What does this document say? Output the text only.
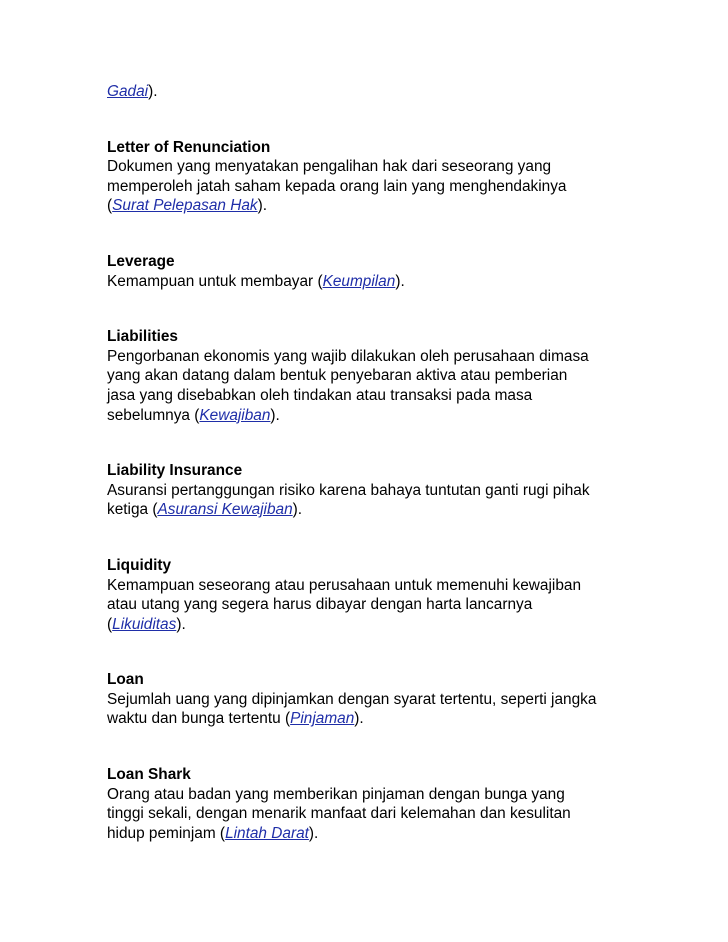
Gadai).
Letter of Renunciation
Dokumen yang menyatakan pengalihan hak dari seseorang yang
memperoleh jatah saham kepada orang lain yang menghendakinya
(Surat Pelepasan Hak).
Leverage
Kemampuan untuk membayar (Keumpilan).
Liabilities
Pengorbanan ekonomis yang wajib dilakukan oleh perusahaan dimasa
yang akan datang dalam bentuk penyebaran aktiva atau pemberian
jasa yang disebabkan oleh tindakan atau transaksi pada masa
sebelumnya (Kewajiban).
Liability Insurance
Asuransi pertanggungan risiko karena bahaya tuntutan ganti rugi pihak
ketiga (Asuransi Kewajiban).
Liquidity
Kemampuan seseorang atau perusahaan untuk memenuhi kewajiban
atau utang yang segera harus dibayar dengan harta lancarnya
(Likuiditas).
Loan
Sejumlah uang yang dipinjamkan dengan syarat tertentu, seperti jangka
waktu dan bunga tertentu (Pinjaman).
Loan Shark
Orang atau badan yang memberikan pinjaman dengan bunga yang
tinggi sekali, dengan menarik manfaat dari kelemahan dan kesulitan
hidup peminjam (Lintah Darat).
